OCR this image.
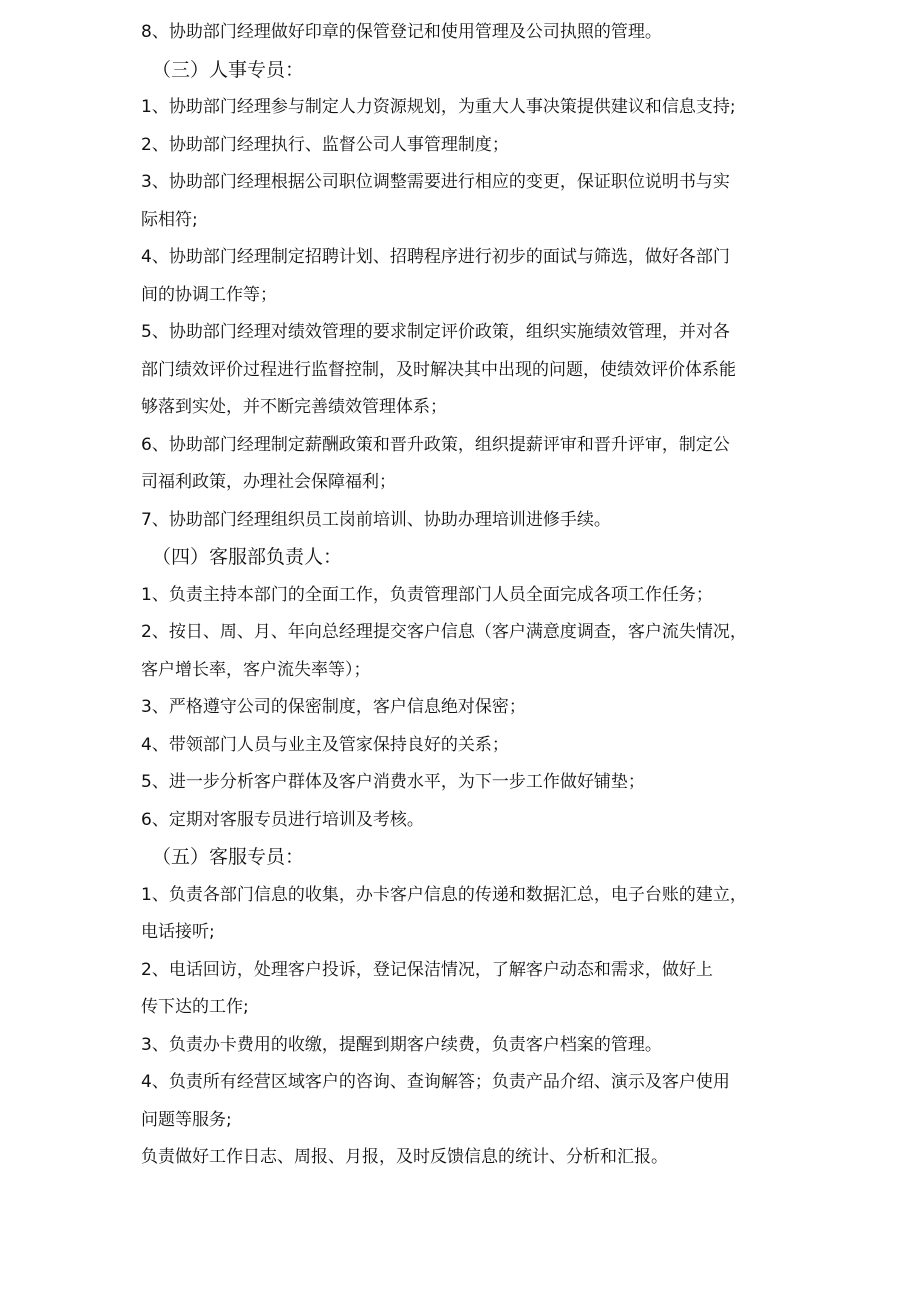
8、协助部门经理做好印章的保管登记和使用管理及公司执照的管理。
（三）人事专员：
1、协助部门经理参与制定人力资源规划，为重大人事决策提供建议和信息支持;
2、协助部门经理执行、监督公司人事管理制度；
3、协助部门经理根据公司职位调整需要进行相应的变更，保证职位说明书与实
际相符;
4、协助部门经理制定招聘计划、招聘程序进行初步的面试与筛选，做好各部门
间的协调工作等；
5、协助部门经理对绩效管理的要求制定评价政策，组织实施绩效管理，并对各
部门绩效评价过程进行监督控制，及时解决其中出现的问题，使绩效评价体系能
够落到实处，并不断完善绩效管理体系；
6、协助部门经理制定薪酬政策和晋升政策，组织提薪评审和晋升评审，制定公
司福利政策，办理社会保障福利；
7、协助部门经理组织员工岗前培训、协助办理培训进修手续。
（四）客服部负责人：
1、负责主持本部门的全面工作，负责管理部门人员全面完成各项工作任务；
2、按日、周、月、年向总经理提交客户信息（客户满意度调查，客户流失情况，
客户增长率，客户流失率等）；
3、严格遵守公司的保密制度，客户信息绝对保密；
4、带领部门人员与业主及管家保持良好的关系；
5、进一步分析客户群体及客户消费水平，为下一步工作做好铺垫；
6、定期对客服专员进行培训及考核。
（五）客服专员：
1、负责各部门信息的收集，办卡客户信息的传递和数据汇总，电子台账的建立，
电话接听;
2、电话回访，处理客户投诉，登记保洁情况，了解客户动态和需求，做好上
传下达的工作;
3、负责办卡费用的收缴，提醒到期客户续费，负责客户档案的管理。
4、负责所有经营区域客户的咨询、查询解答；负责产品介绍、演示及客户使用
问题等服务;
负责做好工作日志、周报、月报，及时反馈信息的统计、分析和汇报。
